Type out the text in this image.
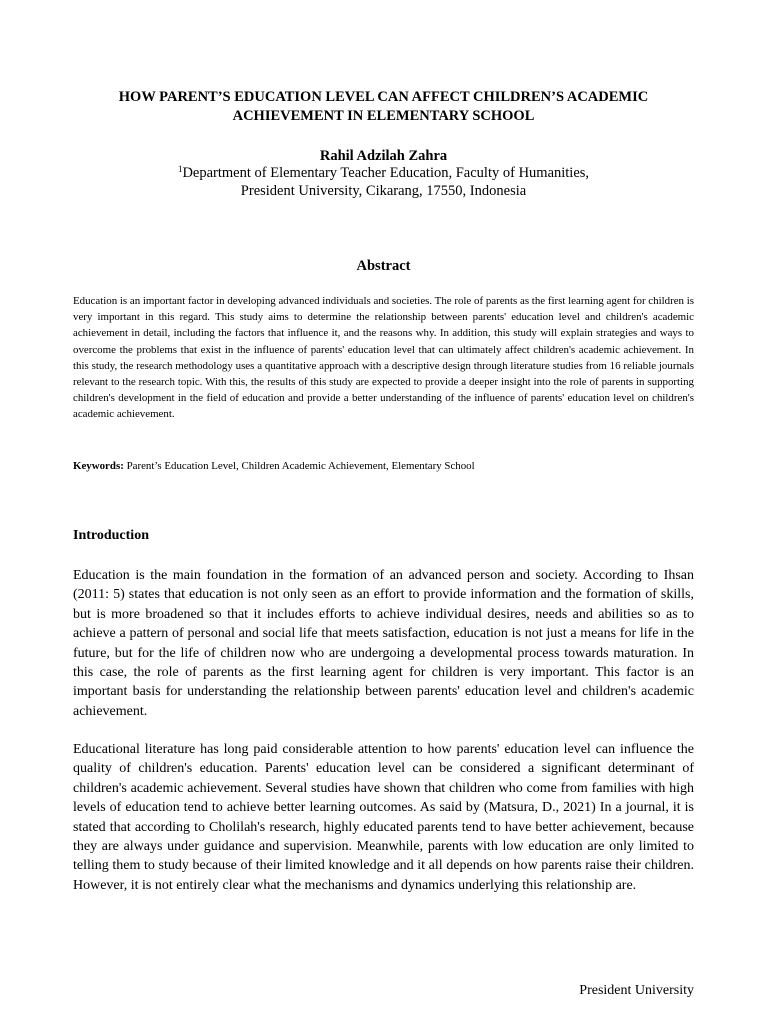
HOW PARENT’S EDUCATION LEVEL CAN AFFECT CHILDREN’S ACADEMIC ACHIEVEMENT IN ELEMENTARY SCHOOL
Rahil Adzilah Zahra
$^1$Department of Elementary Teacher Education, Faculty of Humanities,
President University, Cikarang, 17550, Indonesia
Abstract
Education is an important factor in developing advanced individuals and societies. The role of parents as the first learning agent for children is very important in this regard. This study aims to determine the relationship between parents' education level and children's academic achievement in detail, including the factors that influence it, and the reasons why. In addition, this study will explain strategies and ways to overcome the problems that exist in the influence of parents' education level that can ultimately affect children's academic achievement. In this study, the research methodology uses a quantitative approach with a descriptive design through literature studies from 16 reliable journals relevant to the research topic. With this, the results of this study are expected to provide a deeper insight into the role of parents in supporting children's development in the field of education and provide a better understanding of the influence of parents' education level on children's academic achievement.
Keywords: Parent’s Education Level, Children Academic Achievement, Elementary School
Introduction
Education is the main foundation in the formation of an advanced person and society. According to Ihsan (2011: 5) states that education is not only seen as an effort to provide information and the formation of skills, but is more broadened so that it includes efforts to achieve individual desires, needs and abilities so as to achieve a pattern of personal and social life that meets satisfaction, education is not just a means for life in the future, but for the life of children now who are undergoing a developmental process towards maturation. In this case, the role of parents as the first learning agent for children is very important. This factor is an important basis for understanding the relationship between parents' education level and children's academic achievement.
Educational literature has long paid considerable attention to how parents' education level can influence the quality of children's education. Parents' education level can be considered a significant determinant of children's academic achievement. Several studies have shown that children who come from families with high levels of education tend to achieve better learning outcomes. As said by (Matsura, D., 2021) In a journal, it is stated that according to Cholilah's research, highly educated parents tend to have better achievement, because they are always under guidance and supervision. Meanwhile, parents with low education are only limited to telling them to study because of their limited knowledge and it all depends on how parents raise their children. However, it is not entirely clear what the mechanisms and dynamics underlying this relationship are.
President University
